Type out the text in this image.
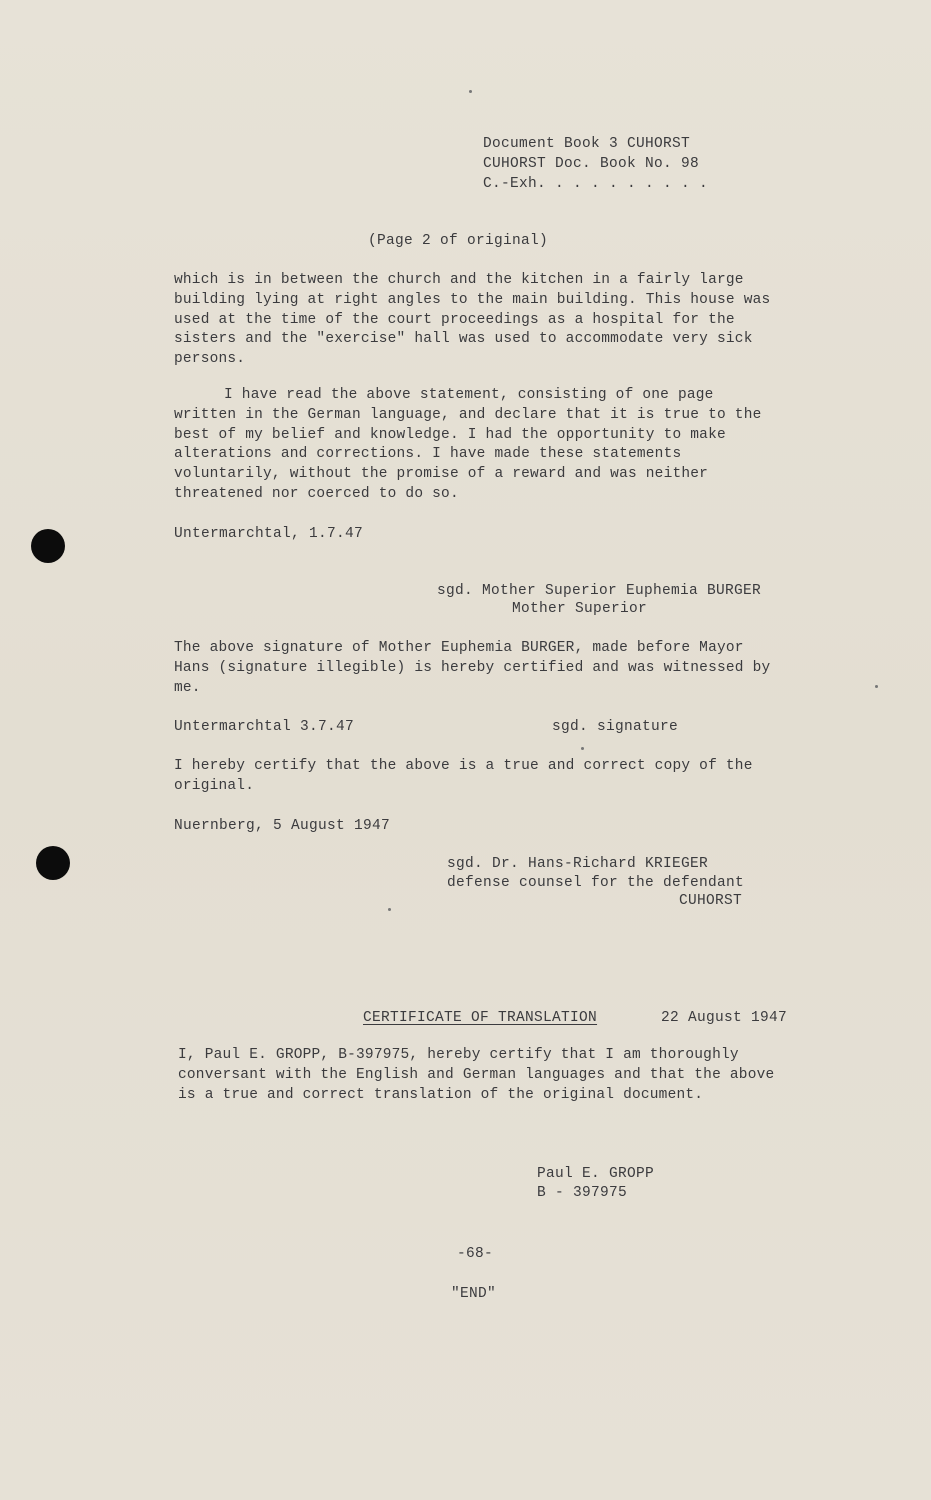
Document Book 3 CUHORST
CUHORST Doc. Book No. 98
C.-Exh. . . . . . . . . .
(Page 2 of original)

which is in between the church and the kitchen in a fairly large building lying at right angles to the main building. This house was used at the time of the court proceedings as a hospital for the sisters and the "exercise" hall was used to accommodate very sick persons.

I have read the above statement, consisting of one page written in the German language, and declare that it is true to the best of my belief and knowledge. I had the opportunity to make alterations and corrections. I have made these statements voluntarily, without the promise of a reward and was neither threatened nor coerced to do so.

Untermarchtal, 1.7.47
sgd. Mother Superior Euphemia BURGER
Mother Superior

The above signature of Mother Euphemia BURGER, made before Mayor Hans (signature illegible) is hereby certified and was witnessed by me.

Untermarchtal 3.7.47	sgd. signature

I hereby certify that the above is a true and correct copy of the original.

Nuernberg, 5 August 1947
sgd. Dr. Hans-Richard KRIEGER
defense counsel for the defendant
CUHORST
CERTIFICATE OF TRANSLATION	22 August 1947

I, Paul E. GROPP, B-397975, hereby certify that I am thoroughly conversant with the English and German languages and that the above is a true and correct translation of the original document.

Paul E. GROPP
B - 397975
-68-
"END"
